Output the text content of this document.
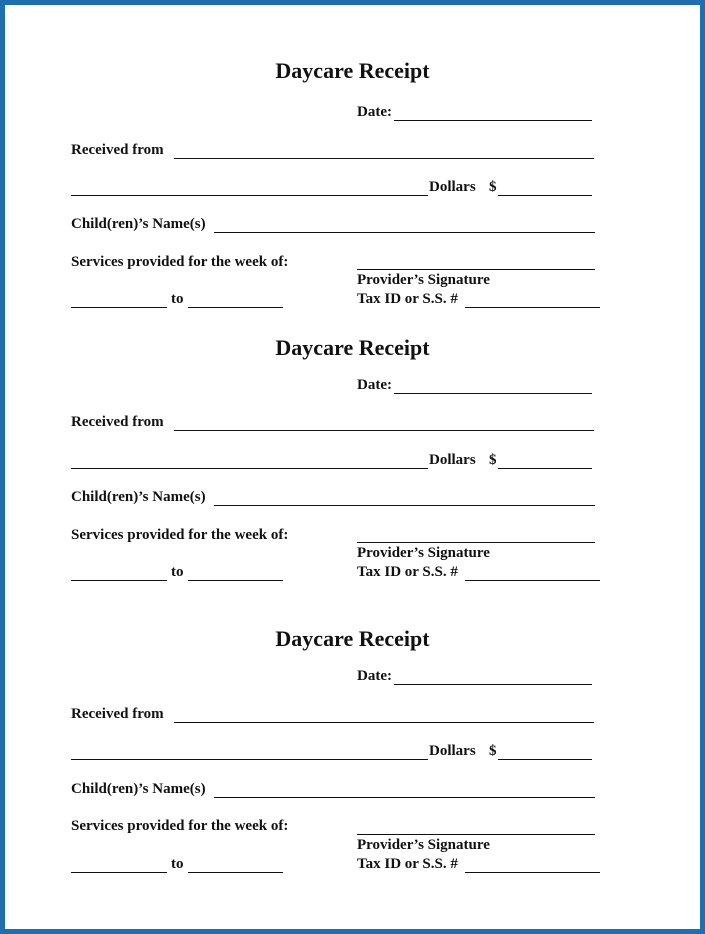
Daycare Receipt
Date:
Received from
Dollars $
Child(ren)’s Name(s)
Services provided for the week of:
Provider’s Signature
to	Tax ID or S.S. #
Daycare Receipt
Date:
Received from
Dollars $
Child(ren)’s Name(s)
Services provided for the week of:
Provider’s Signature
to	Tax ID or S.S. #
Daycare Receipt
Date:
Received from
Dollars $
Child(ren)’s Name(s)
Services provided for the week of:
Provider’s Signature
to	Tax ID or S.S. #
